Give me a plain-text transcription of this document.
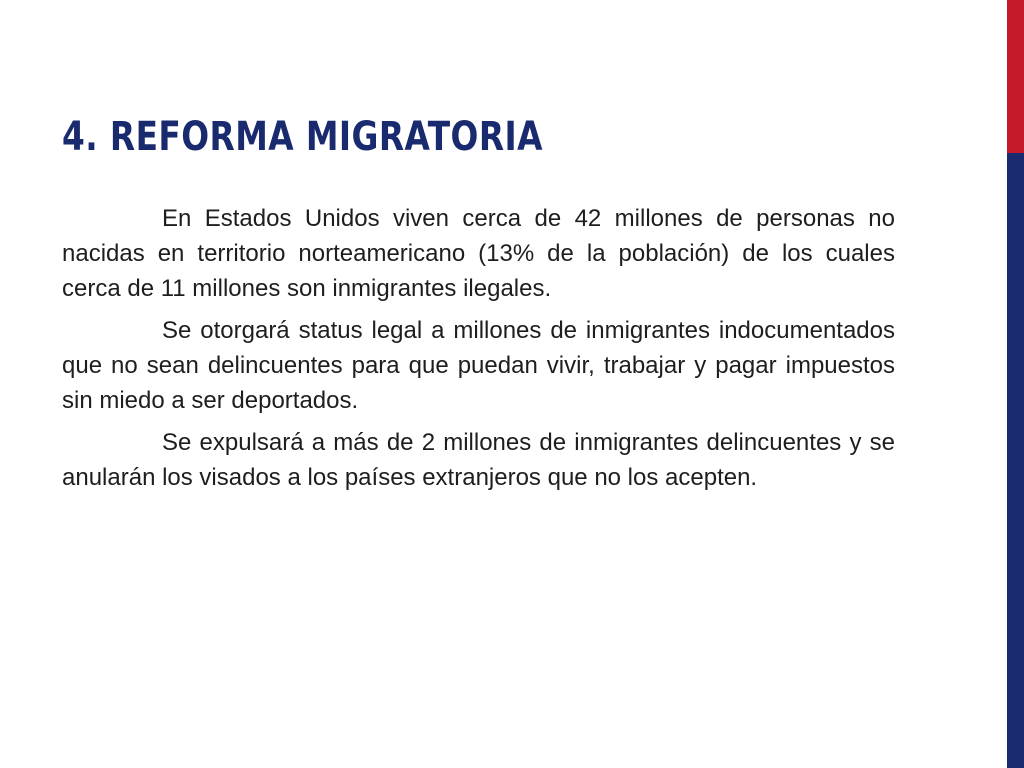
4. REFORMA MIGRATORIA

En Estados Unidos viven cerca de 42 millones de personas no nacidas en territorio norteamericano (13% de la población) de los cuales cerca de 11 millones son inmigrantes ilegales.

Se otorgará status legal a millones de inmigrantes indocumentados que no sean delincuentes para que puedan vivir, trabajar y pagar impuestos sin miedo a ser deportados.

Se expulsará a más de 2 millones de inmigrantes delincuentes y se anularán los visados a los países extranjeros que no los acepten.
